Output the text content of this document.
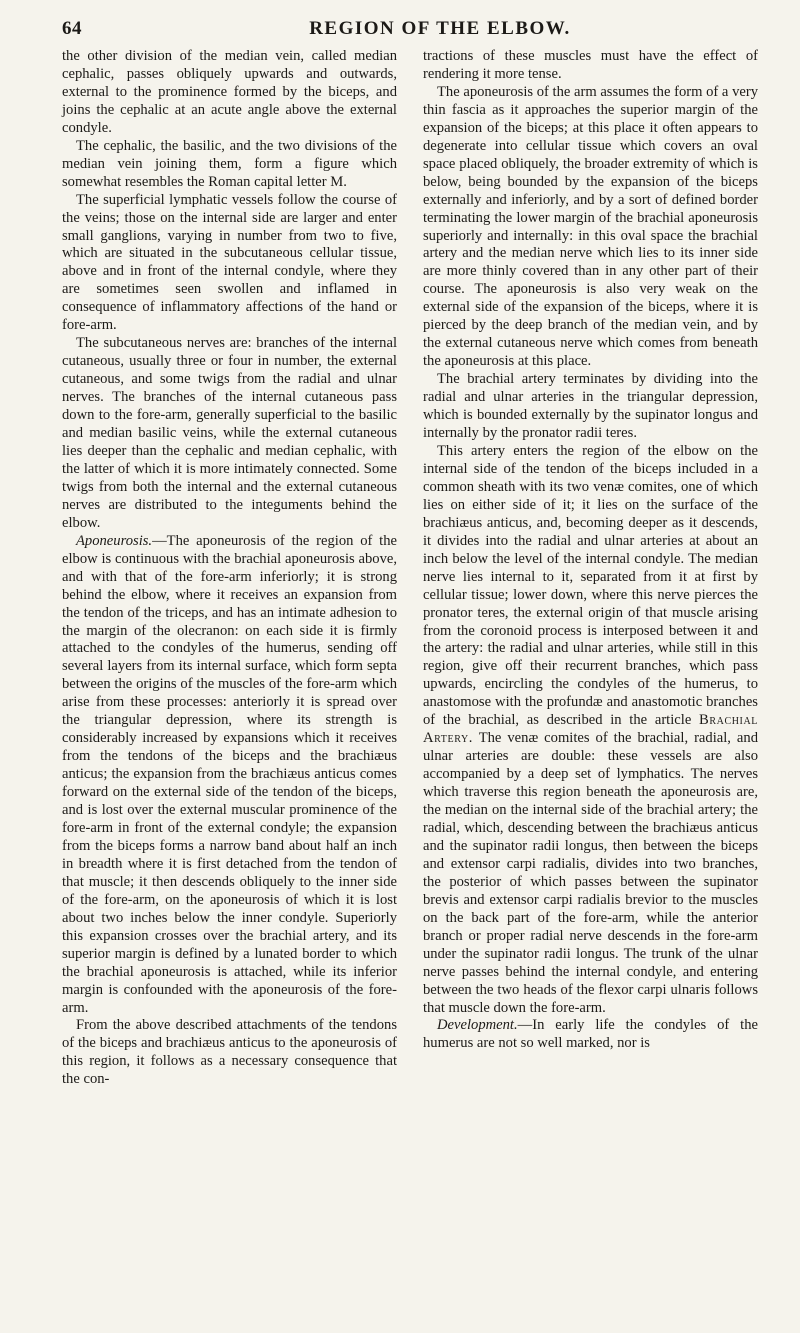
64	REGION OF THE ELBOW.

the other division of the median vein, called median cephalic, passes obliquely upwards and outwards, external to the prominence formed by the biceps, and joins the cephalic at an acute angle above the external condyle.

The cephalic, the basilic, and the two divisions of the median vein joining them, form a figure which somewhat resembles the Roman capital letter M.

The superficial lymphatic vessels follow the course of the veins; those on the internal side are larger and enter small ganglions, varying in number from two to five, which are situated in the subcutaneous cellular tissue, above and in front of the internal condyle, where they are sometimes seen swollen and inflamed in consequence of inflammatory affections of the hand or fore-arm.

The subcutaneous nerves are: branches of the internal cutaneous, usually three or four in number, the external cutaneous, and some twigs from the radial and ulnar nerves. The branches of the internal cutaneous pass down to the fore-arm, generally superficial to the basilic and median basilic veins, while the external cutaneous lies deeper than the cephalic and median cephalic, with the latter of which it is more intimately connected. Some twigs from both the internal and the external cutaneous nerves are distributed to the integuments behind the elbow.

Aponeurosis.—The aponeurosis of the region of the elbow is continuous with the brachial aponeurosis above, and with that of the fore-arm inferiorly; it is strong behind the elbow, where it receives an expansion from the tendon of the triceps, and has an intimate adhesion to the margin of the olecranon: on each side it is firmly attached to the condyles of the humerus, sending off several layers from its internal surface, which form septa between the origins of the muscles of the fore-arm which arise from these processes: anteriorly it is spread over the triangular depression, where its strength is considerably increased by expansions which it receives from the tendons of the biceps and the brachiæus anticus; the expansion from the brachiæus anticus comes forward on the external side of the tendon of the biceps, and is lost over the external muscular prominence of the fore-arm in front of the external condyle; the expansion from the biceps forms a narrow band about half an inch in breadth where it is first detached from the tendon of that muscle; it then descends obliquely to the inner side of the fore-arm, on the aponeurosis of which it is lost about two inches below the inner condyle. Superiorly this expansion crosses over the brachial artery, and its superior margin is defined by a lunated border to which the brachial aponeurosis is attached, while its inferior margin is confounded with the aponeurosis of the fore-arm.

From the above described attachments of the tendons of the biceps and brachiæus anticus to the aponeurosis of this region, it follows as a necessary consequence that the con-

tractions of these muscles must have the effect of rendering it more tense.

The aponeurosis of the arm assumes the form of a very thin fascia as it approaches the superior margin of the expansion of the biceps; at this place it often appears to degenerate into cellular tissue which covers an oval space placed obliquely, the broader extremity of which is below, being bounded by the expansion of the biceps externally and inferiorly, and by a sort of defined border terminating the lower margin of the brachial aponeurosis superiorly and internally: in this oval space the brachial artery and the median nerve which lies to its inner side are more thinly covered than in any other part of their course. The aponeurosis is also very weak on the external side of the expansion of the biceps, where it is pierced by the deep branch of the median vein, and by the external cutaneous nerve which comes from beneath the aponeurosis at this place.

The brachial artery terminates by dividing into the radial and ulnar arteries in the triangular depression, which is bounded externally by the supinator longus and internally by the pronator radii teres.

This artery enters the region of the elbow on the internal side of the tendon of the biceps included in a common sheath with its two venæ comites, one of which lies on either side of it; it lies on the surface of the brachiæus anticus, and, becoming deeper as it descends, it divides into the radial and ulnar arteries at about an inch below the level of the internal condyle. The median nerve lies internal to it, separated from it at first by cellular tissue; lower down, where this nerve pierces the pronator teres, the external origin of that muscle arising from the coronoid process is interposed between it and the artery: the radial and ulnar arteries, while still in this region, give off their recurrent branches, which pass upwards, encircling the condyles of the humerus, to anastomose with the profundæ and anastomotic branches of the brachial, as described in the article Brachial Artery. The venæ comites of the brachial, radial, and ulnar arteries are double: these vessels are also accompanied by a deep set of lymphatics. The nerves which traverse this region beneath the aponeurosis are, the median on the internal side of the brachial artery; the radial, which, descending between the brachiæus anticus and the supinator radii longus, then between the biceps and extensor carpi radialis, divides into two branches, the posterior of which passes between the supinator brevis and extensor carpi radialis brevior to the muscles on the back part of the fore-arm, while the anterior branch or proper radial nerve descends in the fore-arm under the supinator radii longus. The trunk of the ulnar nerve passes behind the internal condyle, and entering between the two heads of the flexor carpi ulnaris follows that muscle down the fore-arm.

Development.—In early life the condyles of the humerus are not so well marked, nor is
